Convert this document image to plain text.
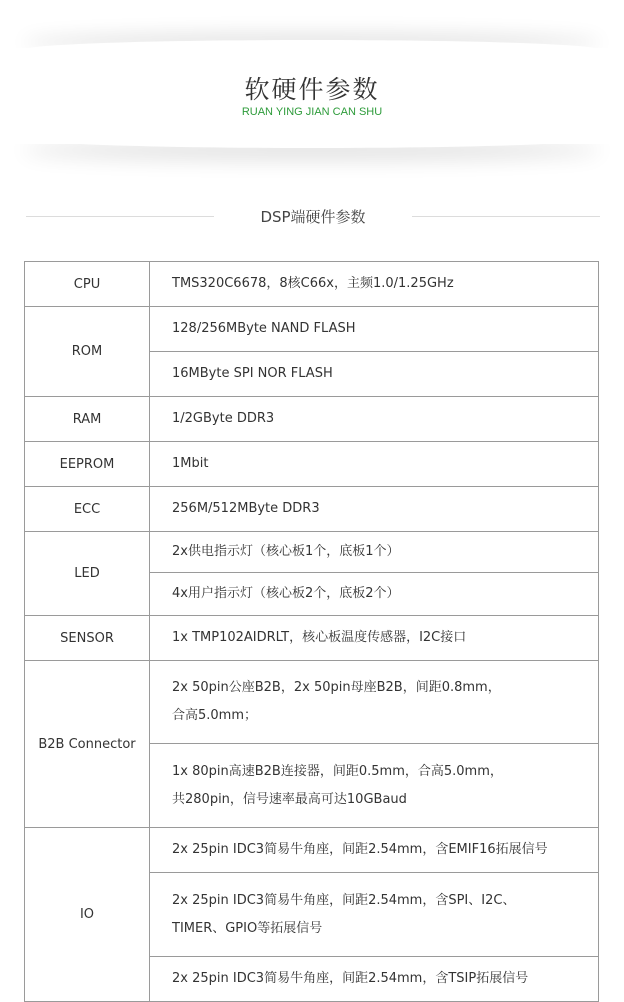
软硬件参数
RUAN YING JIAN CAN SHU
DSP端硬件参数
CPU	TMS320C6678，8核C66x，主频1.0/1.25GHz
ROM	128/256MByte NAND FLASH
	16MByte SPI NOR FLASH
RAM	1/2GByte DDR3
EEPROM	1Mbit
ECC	256M/512MByte DDR3
LED	2x供电指示灯（核心板1个，底板1个）
	4x用户指示灯（核心板2个，底板2个）
SENSOR	1x TMP102AIDRLT，核心板温度传感器，I2C接口
B2B Connector	2x 50pin公座B2B，2x 50pin母座B2B，间距0.8mm，
合高5.0mm；

	1x 80pin高速B2B连接器，间距0.5mm，合高5.0mm，
共280pin，信号速率最高可达10GBaud

IO	2x 25pin IDC3简易牛角座，间距2.54mm，含EMIF16拓展信号

	2x 25pin IDC3简易牛角座，间距2.54mm，含SPI、I2C、
TIMER、GPIO等拓展信号

	2x 25pin IDC3简易牛角座，间距2.54mm，含TSIP拓展信号
